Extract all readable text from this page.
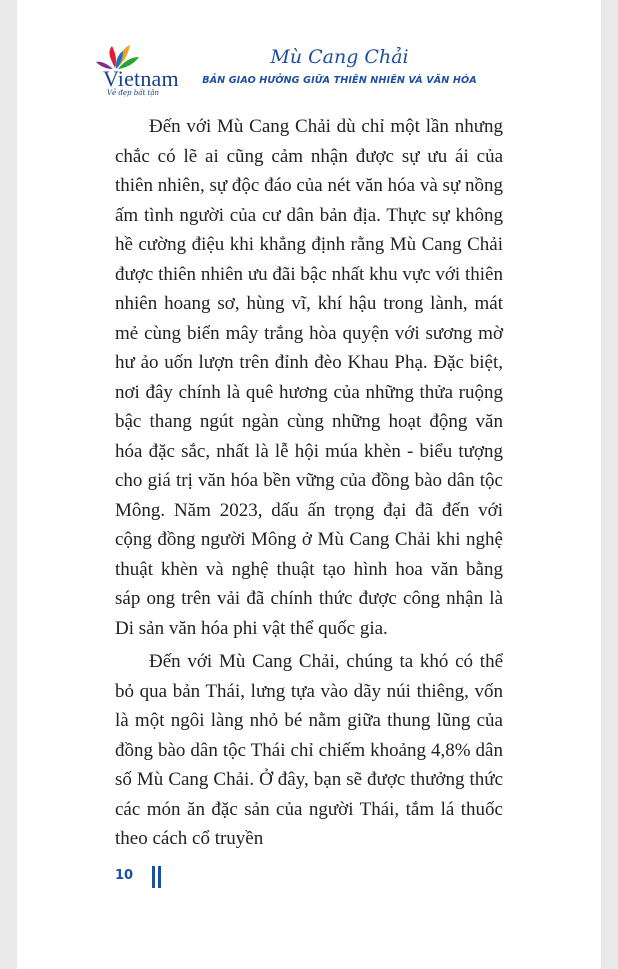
Vietnam
Vẻ đẹp bất tận
Mù Cang Chải
BẢN GIAO HƯỞNG GIỮA THIÊN NHIÊN VÀ VĂN HÓA

Đến với Mù Cang Chải dù chỉ một lần nhưng chắc có lẽ ai cũng cảm nhận được sự ưu ái của thiên nhiên, sự độc đáo của nét văn hóa và sự nồng ấm tình người của cư dân bản địa. Thực sự không hề cường điệu khi khẳng định rằng Mù Cang Chải được thiên nhiên ưu đãi bậc nhất khu vực với thiên nhiên hoang sơ, hùng vĩ, khí hậu trong lành, mát mẻ cùng biển mây trắng hòa quyện với sương mờ hư ảo uốn lượn trên đỉnh đèo Khau Phạ. Đặc biệt, nơi đây chính là quê hương của những thửa ruộng bậc thang ngút ngàn cùng những hoạt động văn hóa đặc sắc, nhất là lễ hội múa khèn - biểu tượng cho giá trị văn hóa bền vững của đồng bào dân tộc Mông. Năm 2023, dấu ấn trọng đại đã đến với cộng đồng người Mông ở Mù Cang Chải khi nghệ thuật khèn và nghệ thuật tạo hình hoa văn bằng sáp ong trên vải đã chính thức được công nhận là Di sản văn hóa phi vật thể quốc gia.

Đến với Mù Cang Chải, chúng ta khó có thể bỏ qua bản Thái, lưng tựa vào dãy núi thiêng, vốn là một ngôi làng nhỏ bé nằm giữa thung lũng của đồng bào dân tộc Thái chỉ chiếm khoảng 4,8% dân số Mù Cang Chải. Ở đây, bạn sẽ được thưởng thức các món ăn đặc sản của người Thái, tắm lá thuốc theo cách cổ truyền

10
